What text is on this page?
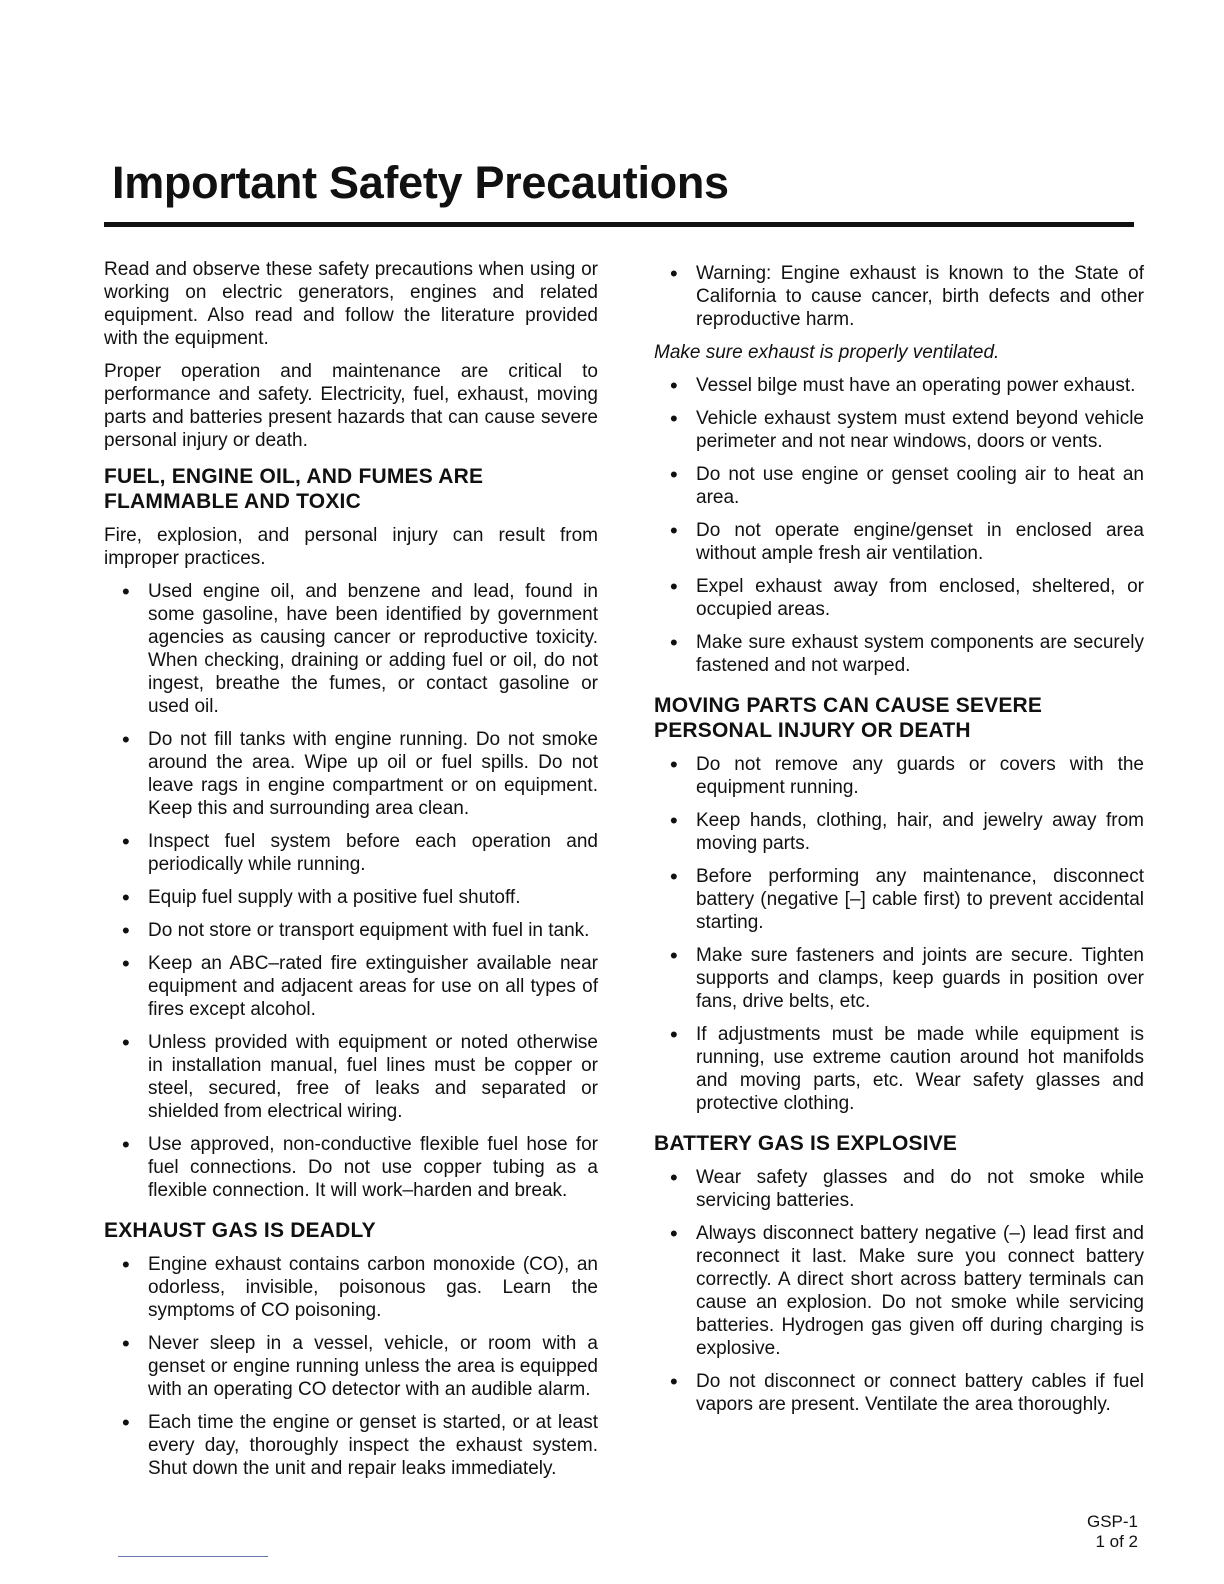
Important Safety Precautions

Read and observe these safety precautions when using or working on electric generators, engines and related equipment. Also read and follow the literature provided with the equipment.

Proper operation and maintenance are critical to performance and safety. Electricity, fuel, exhaust, moving parts and batteries present hazards that can cause severe personal injury or death.

FUEL, ENGINE OIL, AND FUMES ARE
FLAMMABLE AND TOXIC

Fire, explosion, and personal injury can result from improper practices.

• Used engine oil, and benzene and lead, found in some gasoline, have been identified by government agencies as causing cancer or reproductive toxicity. When checking, draining or adding fuel or oil, do not ingest, breathe the fumes, or contact gasoline or used oil.
• Do not fill tanks with engine running. Do not smoke around the area. Wipe up oil or fuel spills. Do not leave rags in engine compartment or on equipment. Keep this and surrounding area clean.
• Inspect fuel system before each operation and periodically while running.
• Equip fuel supply with a positive fuel shutoff.
• Do not store or transport equipment with fuel in tank.
• Keep an ABC–rated fire extinguisher available near equipment and adjacent areas for use on all types of fires except alcohol.
• Unless provided with equipment or noted otherwise in installation manual, fuel lines must be copper or steel, secured, free of leaks and separated or shielded from electrical wiring.
• Use approved, non-conductive flexible fuel hose for fuel connections. Do not use copper tubing as a flexible connection. It will work–harden and break.
EXHAUST GAS IS DEADLY
• Engine exhaust contains carbon monoxide (CO), an odorless, invisible, poisonous gas. Learn the symptoms of CO poisoning.
• Never sleep in a vessel, vehicle, or room with a genset or engine running unless the area is equipped with an operating CO detector with an audible alarm.
• Each time the engine or genset is started, or at least every day, thoroughly inspect the exhaust system. Shut down the unit and repair leaks immediately.
• Warning: Engine exhaust is known to the State of California to cause cancer, birth defects and other reproductive harm.

Make sure exhaust is properly ventilated.

• Vessel bilge must have an operating power exhaust.
• Vehicle exhaust system must extend beyond vehicle perimeter and not near windows, doors or vents.
• Do not use engine or genset cooling air to heat an area.
• Do not operate engine/genset in enclosed area without ample fresh air ventilation.
• Expel exhaust away from enclosed, sheltered, or occupied areas.
• Make sure exhaust system components are securely fastened and not warped.
MOVING PARTS CAN CAUSE SEVERE
PERSONAL INJURY OR DEATH
• Do not remove any guards or covers with the equipment running.
• Keep hands, clothing, hair, and jewelry away from moving parts.
• Before performing any maintenance, disconnect battery (negative [–] cable first) to prevent accidental starting.
• Make sure fasteners and joints are secure. Tighten supports and clamps, keep guards in position over fans, drive belts, etc.
• If adjustments must be made while equipment is running, use extreme caution around hot manifolds and moving parts, etc. Wear safety glasses and protective clothing.
BATTERY GAS IS EXPLOSIVE
• Wear safety glasses and do not smoke while servicing batteries.
• Always disconnect battery negative (–) lead first and reconnect it last. Make sure you connect battery correctly. A direct short across battery terminals can cause an explosion. Do not smoke while servicing batteries. Hydrogen gas given off during charging is explosive.
• Do not disconnect or connect battery cables if fuel vapors are present. Ventilate the area thoroughly.
GSP-1
1 of 2
